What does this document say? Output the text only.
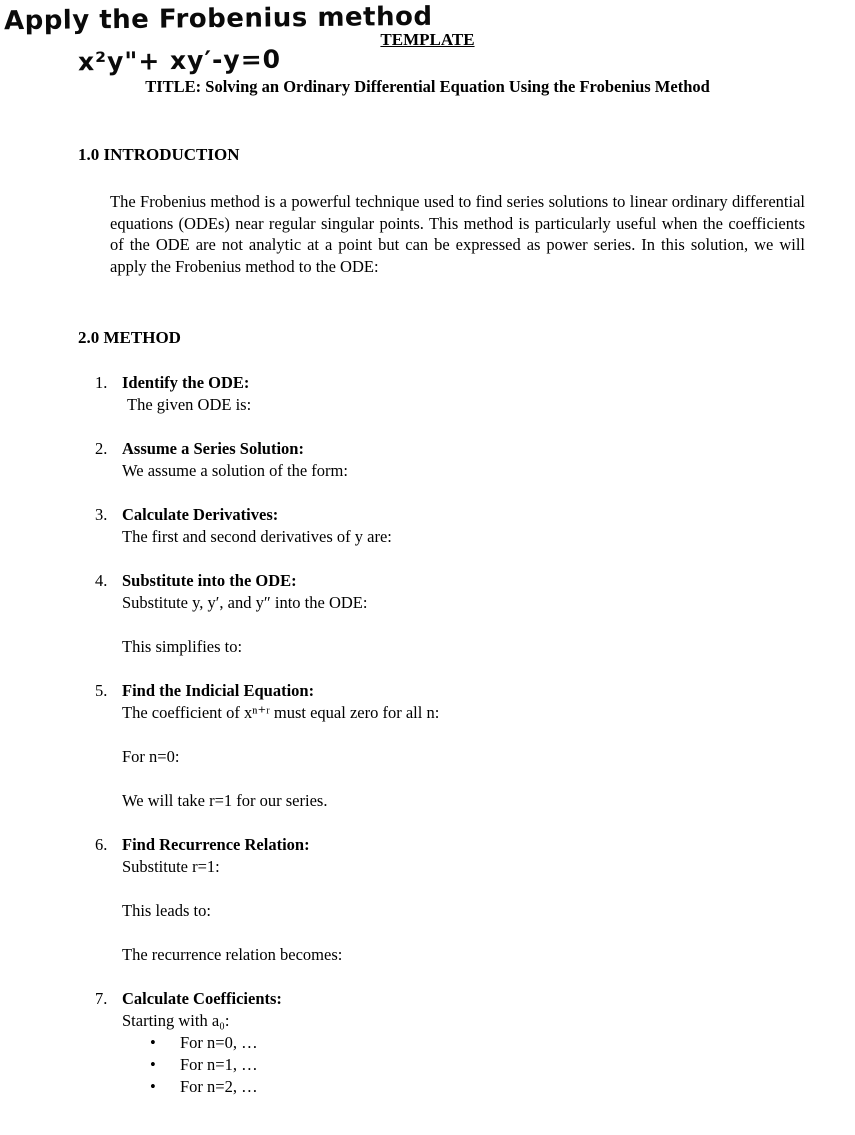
Apply the Frobenius method
x²y"+ xy′-y=0
TEMPLATE
TITLE: Solving an Ordinary Differential Equation Using the Frobenius Method
1.0 INTRODUCTION
The Frobenius method is a powerful technique used to find series solutions to linear ordinary differential equations (ODEs) near regular singular points. This method is particularly useful when the coefficients of the ODE are not analytic at a point but can be expressed as power series. In this solution, we will apply the Frobenius method to the ODE:
2.0 METHOD
1. Identify the ODE:
The given ODE is:
2. Assume a Series Solution:
We assume a solution of the form:
3. Calculate Derivatives:
The first and second derivatives of y are:
4. Substitute into the ODE:
Substitute y, y′, and y″ into the ODE:
This simplifies to:
5. Find the Indicial Equation:
The coefficient of xⁿ⁺ʳ must equal zero for all n:
For n=0:
We will take r=1 for our series.
6. Find Recurrence Relation:
Substitute r=1:
This leads to:
The recurrence relation becomes:
7. Calculate Coefficients:
Starting with a₀:
• For n=0, …
• For n=1, …
• For n=2, …
